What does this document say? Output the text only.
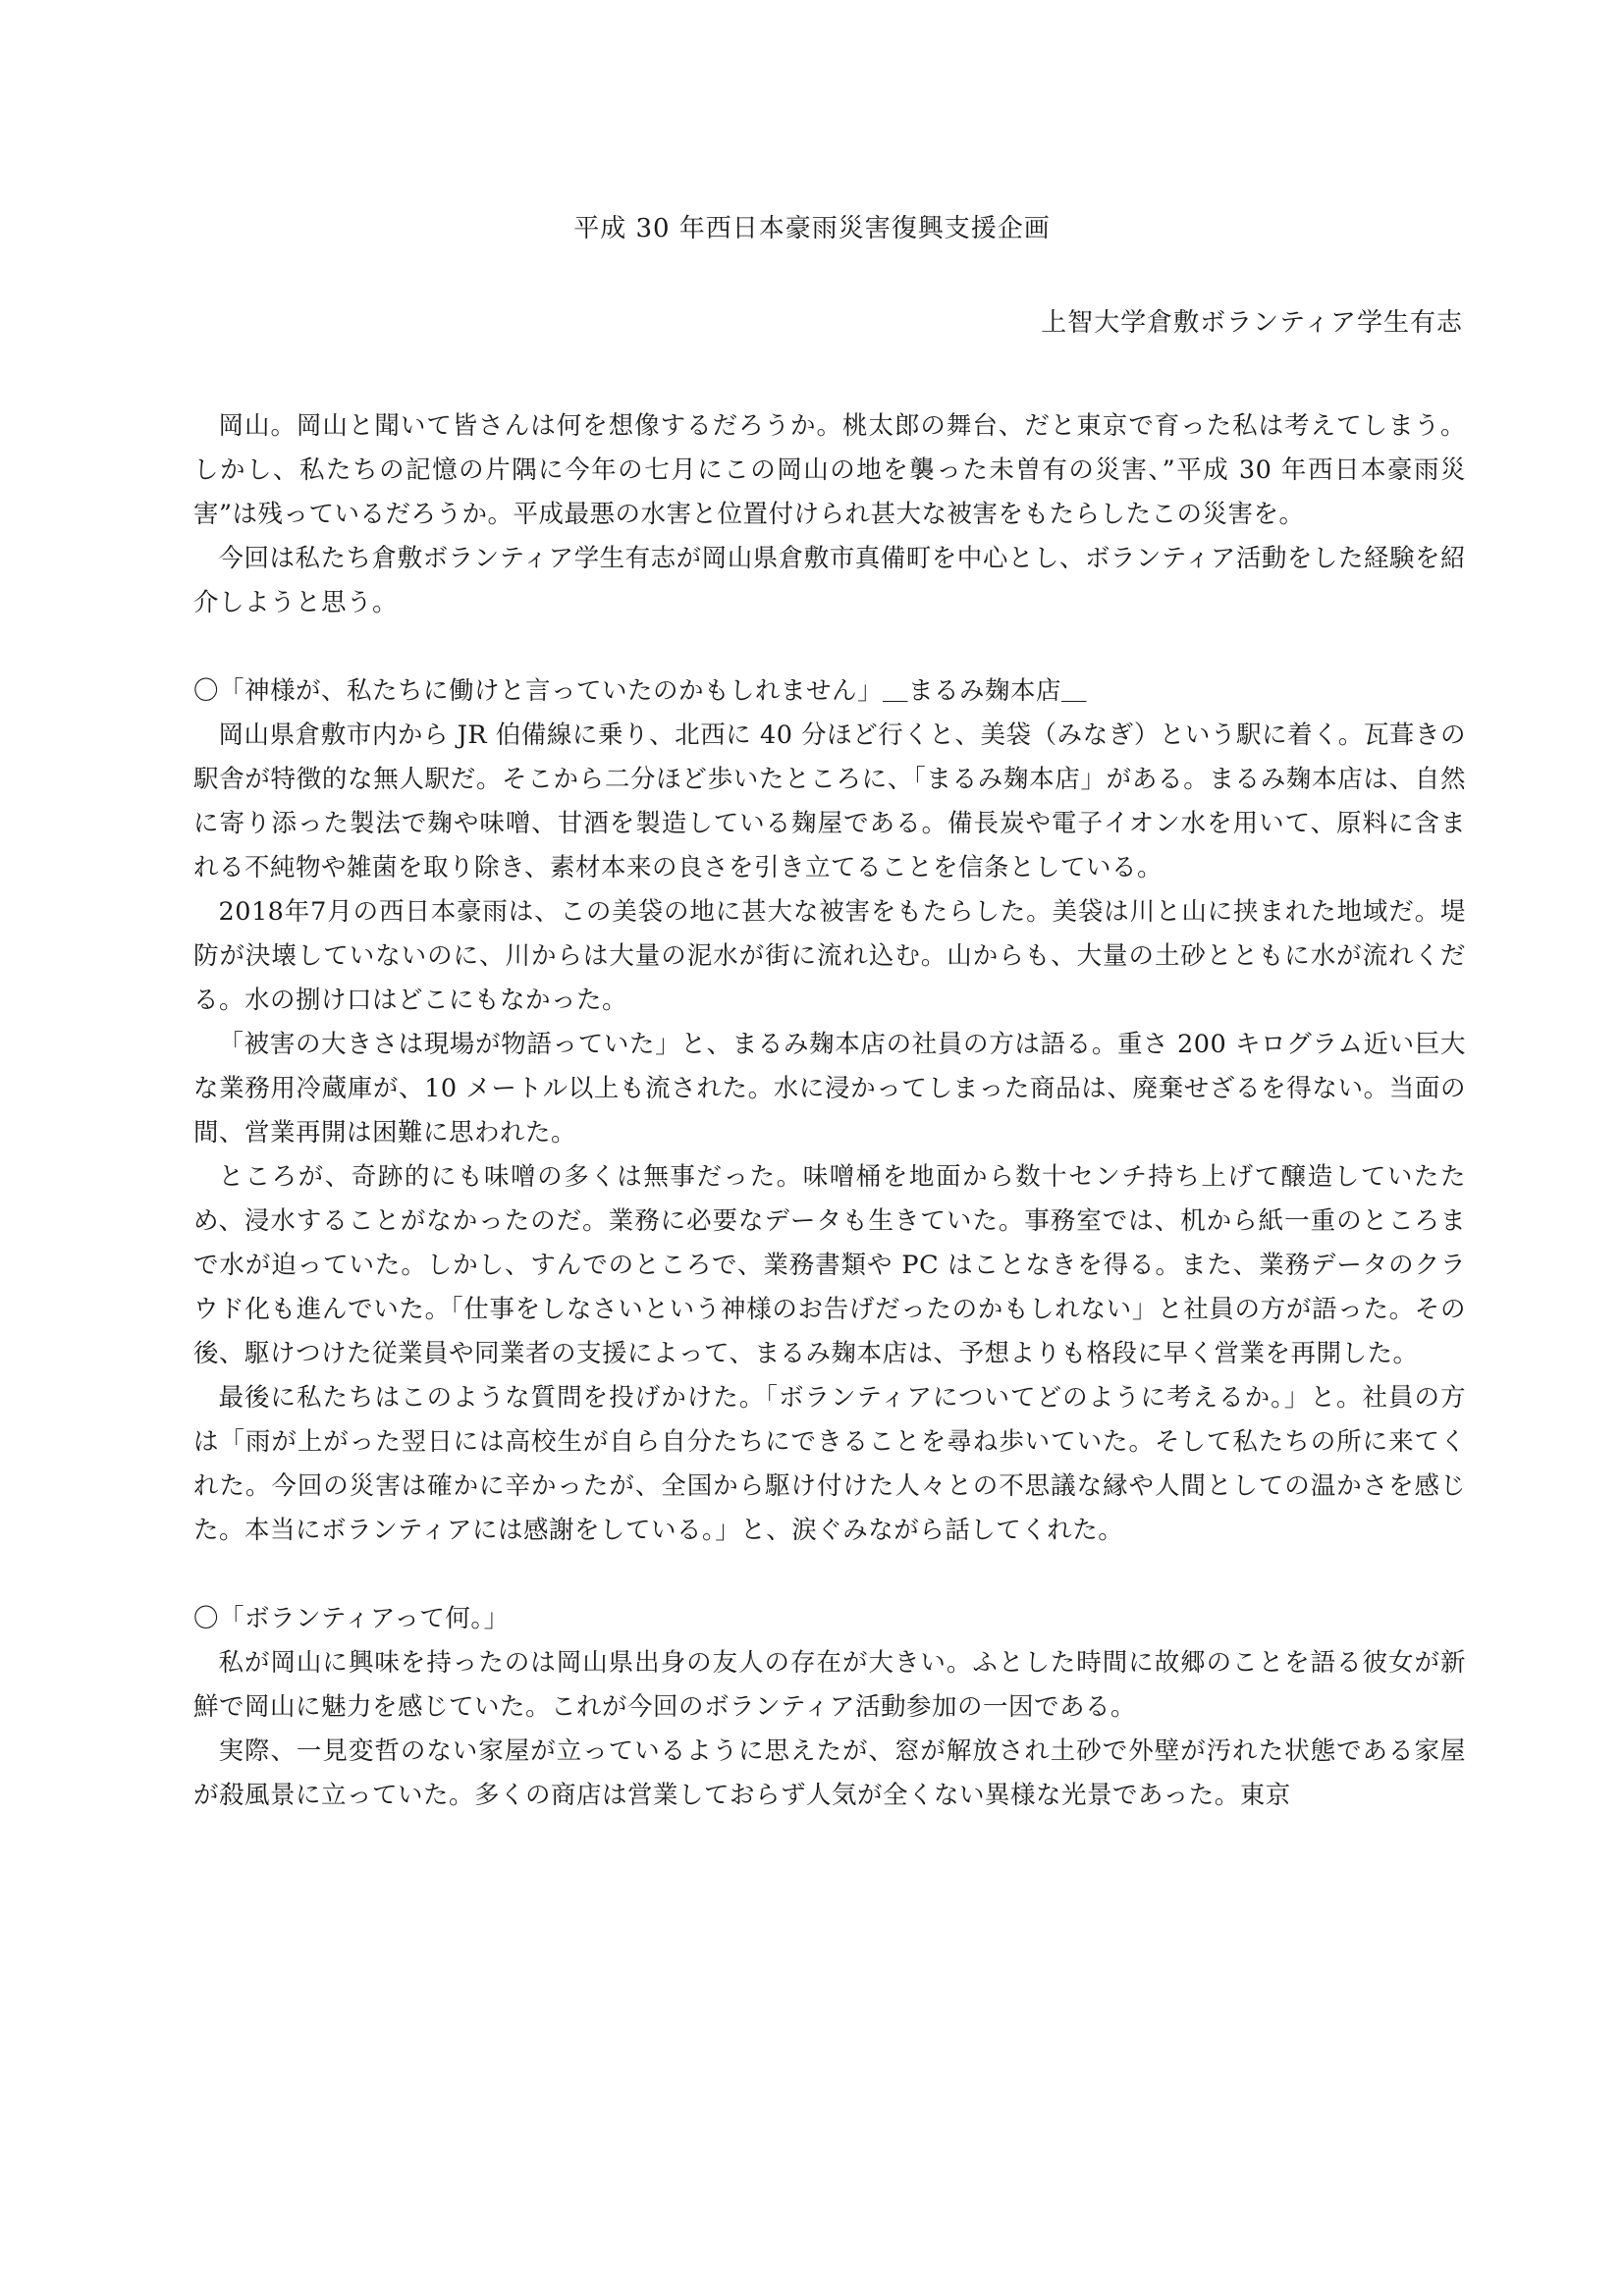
平成 30 年西日本豪雨災害復興支援企画
上智大学倉敷ボランティア学生有志

岡山。岡山と聞いて皆さんは何を想像するだろうか。桃太郎の舞台、だと東京で育った私は考えてしまう。しかし、私たちの記憶の片隅に今年の七月にこの岡山の地を襲った未曽有の災害、”平成 30 年西日本豪雨災害”は残っているだろうか。平成最悪の水害と位置付けられ甚大な被害をもたらしたこの災害を。

今回は私たち倉敷ボランティア学生有志が岡山県倉敷市真備町を中心とし、ボランティア活動をした経験を紹介しようと思う。

〇「神様が、私たちに働けと言っていたのかもしれません」＿まるみ麹本店＿

岡山県倉敷市内から JR 伯備線に乗り、北西に 40 分ほど行くと、美袋（みなぎ）という駅に着く。瓦葺きの駅舎が特徴的な無人駅だ。そこから二分ほど歩いたところに、「まるみ麹本店」がある。まるみ麹本店は、自然に寄り添った製法で麹や味噌、甘酒を製造している麹屋である。備長炭や電子イオン水を用いて、原料に含まれる不純物や雑菌を取り除き、素材本来の良さを引き立てることを信条としている。

2018年7月の西日本豪雨は、この美袋の地に甚大な被害をもたらした。美袋は川と山に挟まれた地域だ。堤防が決壊していないのに、川からは大量の泥水が街に流れ込む。山からも、大量の土砂とともに水が流れくだる。水の捌け口はどこにもなかった。

「被害の大きさは現場が物語っていた」と、まるみ麹本店の社員の方は語る。重さ 200 キログラム近い巨大な業務用冷蔵庫が、10 メートル以上も流された。水に浸かってしまった商品は、廃棄せざるを得ない。当面の間、営業再開は困難に思われた。

ところが、奇跡的にも味噌の多くは無事だった。味噌桶を地面から数十センチ持ち上げて醸造していたため、浸水することがなかったのだ。業務に必要なデータも生きていた。事務室では、机から紙一重のところまで水が迫っていた。しかし、すんでのところで、業務書類や PC はことなきを得る。また、業務データのクラウド化も進んでいた。「仕事をしなさいという神様のお告げだったのかもしれない」と社員の方が語った。その後、駆けつけた従業員や同業者の支援によって、まるみ麹本店は、予想よりも格段に早く営業を再開した。

最後に私たちはこのような質問を投げかけた。「ボランティアについてどのように考えるか。」と。社員の方は「雨が上がった翌日には高校生が自ら自分たちにできることを尋ね歩いていた。そして私たちの所に来てくれた。今回の災害は確かに辛かったが、全国から駆け付けた人々との不思議な縁や人間としての温かさを感じた。本当にボランティアには感謝をしている。」と、涙ぐみながら話してくれた。

〇「ボランティアって何。」

私が岡山に興味を持ったのは岡山県出身の友人の存在が大きい。ふとした時間に故郷のことを語る彼女が新鮮で岡山に魅力を感じていた。これが今回のボランティア活動参加の一因である。

実際、一見変哲のない家屋が立っているように思えたが、窓が解放され土砂で外壁が汚れた状態である家屋が殺風景に立っていた。多くの商店は営業しておらず人気が全くない異様な光景であった。東京
